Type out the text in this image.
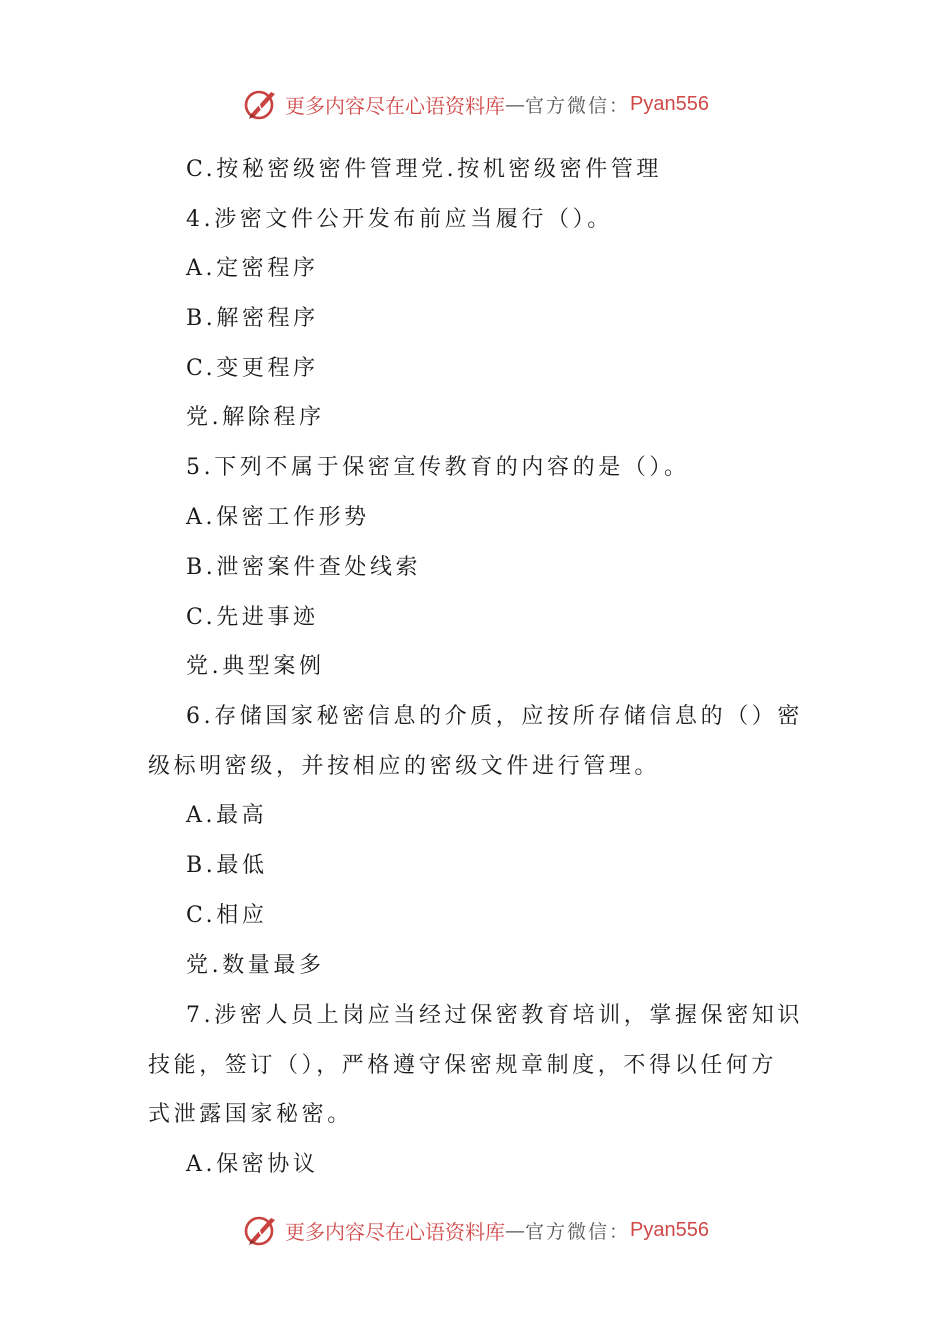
更多内容尽在心语资料库 — 官方微信： Pyan556
C.按秘密级密件管理党.按机密级密件管理
4.涉密文件公开发布前应当履行（）。
A.定密程序
B.解密程序
C.变更程序
党.解除程序
5.下列不属于保密宣传教育的内容的是（）。
A.保密工作形势
B.泄密案件查处线索
C.先进事迹
党.典型案例
6.存储国家秘密信息的介质，应按所存储信息的（）密
级标明密级，并按相应的密级文件进行管理。
A.最高
B.最低
C.相应
党.数量最多
7.涉密人员上岗应当经过保密教育培训，掌握保密知识
技能，签订（），严格遵守保密规章制度，不得以任何方
式泄露国家秘密。
A.保密协议
更多内容尽在心语资料库 — 官方微信： Pyan556
